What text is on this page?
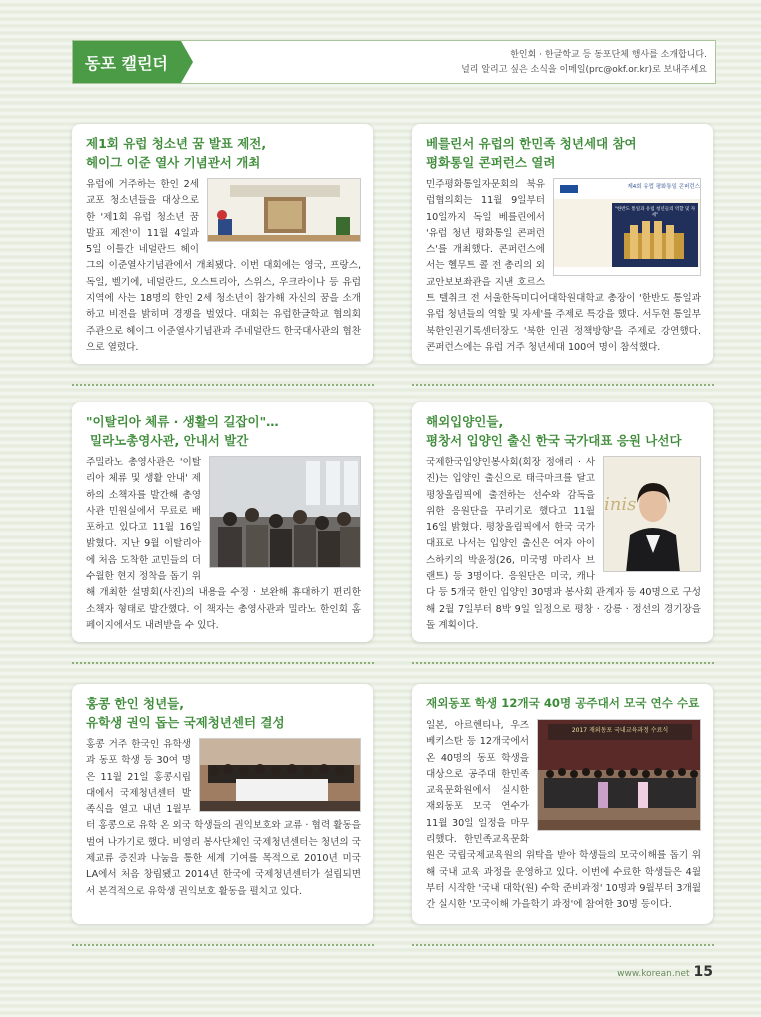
동포 캘린더	한인회 · 한글학교 등 동포단체 행사를 소개합니다.
널리 알리고 싶은 소식을 이메일(prc@okf.or.kr)로 보내주세요
제1회 유럽 청소년 꿈 발표 제전,
헤이그 이준 열사 기념관서 개최
유럽에 거주하는 한인 2세 교포 청소년들을 대상으로 한 '제1회 유럽 청소년 꿈 발표 제전'이 11월 4일과 5일 이틀간 네덜란드 헤이그의 이준열사기념관에서 개최됐다. 이번 대회에는 영국, 프랑스, 독일, 벨기에, 네덜란드, 오스트리아, 스위스, 우크라이나 등 유럽 지역에 사는 18명의 한인 2세 청소년이 참가해 자신의 꿈을 소개하고 비전을 밝히며 경쟁을 벌였다. 대회는 유럽한글학교 협의회 주관으로 헤이그 이준열사기념관과 주네덜란드 한국대사관의 협찬으로 열렸다.
베를린서 유럽의 한민족 청년세대 참여
평화통일 콘퍼런스 열려
제4회 유럽 평화통일 콘퍼런스
"한반도 통일과 유럽 청년들의 역할 및 자세"
민주평화통일자문회의 북유럽협의회는 11월 9일부터 10일까지 독일 베를린에서 '유럽 청년 평화통일 콘퍼런스'를 개최했다. 콘퍼런스에서는 헬무트 콜 전 총리의 외교안보보좌관을 지낸 호르스트 텔취크 전 서울한독미디어대학원대학교 총장이 '한반도 통일과 유럽 청년들의 역할 및 자세'를 주제로 특강을 했다. 서두현 통일부 북한인권기록센터장도 '북한 인권 정책방향'을 주제로 강연했다. 콘퍼런스에는 유럽 거주 청년세대 100여 명이 참석했다.
"이탈리아 체류 · 생활의 길잡이"…
밀라노총영사관, 안내서 발간
주밀라노 총영사관은 '이탈리아 체류 및 생활 안내' 제하의 소책자를 발간해 총영사관 민원실에서 무료로 배포하고 있다고 11월 16일 밝혔다. 지난 9월 이탈리아에 처음 도착한 교민들의 더 수월한 현지 정착을 돕기 위해 개최한 설명회(사진)의 내용을 수정 · 보완해 휴대하기 편리한 소책자 형태로 발간했다. 이 책자는 총영사관과 밀라노 한인회 홈페이지에서도 내려받을 수 있다.
해외입양인들,
평창서 입양인 출신 한국 국가대표 응원 나선다
inis
국제한국입양인봉사회(회장 정애리 · 사진)는 입양인 출신으로 태극마크를 달고 평창올림픽에 출전하는 선수와 감독을 위한 응원단을 꾸리기로 했다고 11월 16일 밝혔다. 평창올림픽에서 한국 국가대표로 나서는 입양인 출신은 여자 아이스하키의 박윤정(26, 미국명 마리사 브랜트) 등 3명이다. 응원단은 미국, 캐나다 등 5개국 한인 입양인 30명과 봉사회 관계자 등 40명으로 구성해 2월 7일부터 8박 9일 일정으로 평창 · 강릉 · 정선의 경기장을 돌 계획이다.
홍콩 한인 청년들,
유학생 권익 돕는 국제청년센터 결성
홍콩 거주 한국인 유학생과 동포 학생 등 30여 명은 11월 21일 홍콩시립대에서 국제청년센터 발족식을 열고 내년 1월부터 홍콩으로 유학 온 외국 학생들의 권익보호와 교류 · 협력 활동을 벌여 나가기로 했다. 비영리 봉사단체인 국제청년센터는 청년의 국제교류 증진과 나눔을 통한 세계 기여를 목적으로 2010년 미국 LA에서 처음 창립됐고 2014년 한국에 국제청년센터가 설립되면서 본격적으로 유학생 권익보호 활동을 펼치고 있다.
재외동포 학생 12개국 40명 공주대서 모국 연수 수료
2017 재외동포 국내교육과정 수료식
일본, 아르헨티나, 우즈베키스탄 등 12개국에서 온 40명의 동포 학생을 대상으로 공주대 한민족교육문화원에서 실시한 재외동포 모국 연수가 11월 30일 일정을 마무리했다. 한민족교육문화원은 국립국제교육원의 위탁을 받아 학생들의 모국이해를 돕기 위해 국내 교육 과정을 운영하고 있다. 이번에 수료한 학생들은 4월부터 시작한 '국내 대학(원) 수학 준비과정' 10명과 9월부터 3개월간 실시한 '모국이해 가을학기 과정'에 참여한 30명 등이다.
www.korean.net 15
